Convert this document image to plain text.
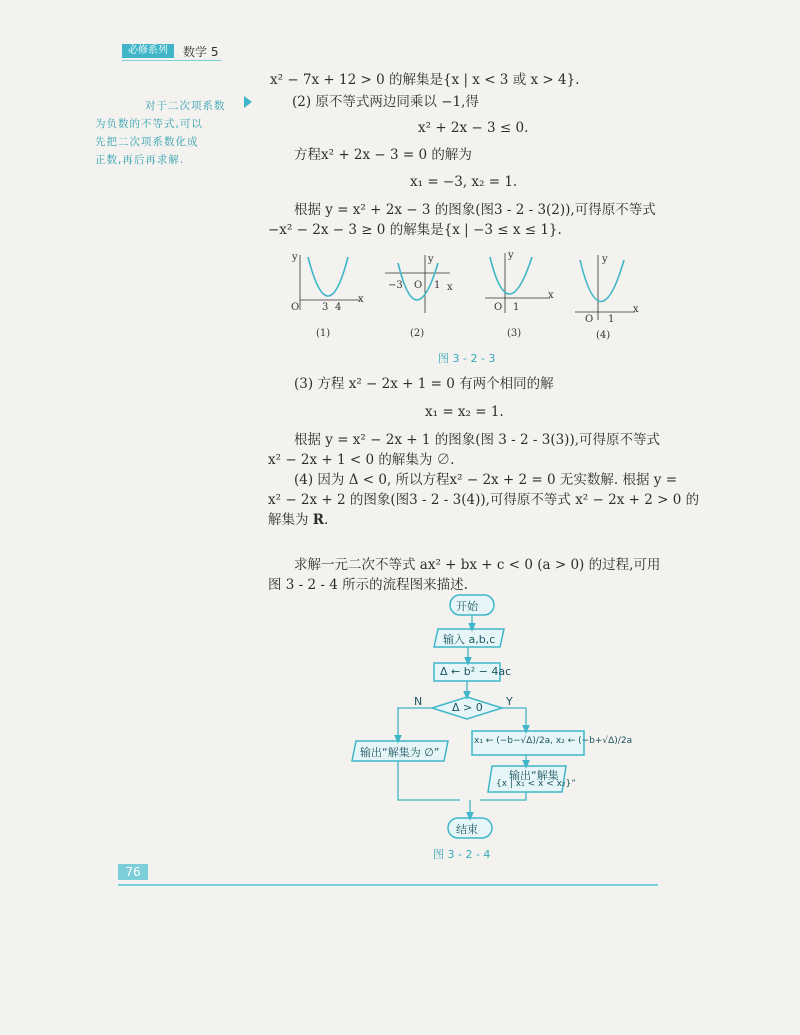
必修系列	数学 5
对于二次项系数
为负数的不等式,可以
先把二次项系数化成
正数,再后再求解.
x² − 7x + 12 > 0 的解集是{x | x < 3 或 x > 4}.
(2) 原不等式两边同乘以 −1,得
x² + 2x − 3 ≤ 0.
方程x² + 2x − 3 = 0 的解为
x₁ = −3, x₂ = 1.
根据 y = x² + 2x − 3 的图象(图3 - 2 - 3(2)),可得原不等式
−x² − 2x − 3 ≥ 0 的解集是{x | −3 ≤ x ≤ 1}.
y
x
O 3 4
(1)
y
x
O
−3	1
(2)
y
x
O 1
(3)
y
x
O 1
(4)
图 3 - 2 - 3
(3) 方程 x² − 2x + 1 = 0 有两个相同的解
x₁ = x₂ = 1.
根据 y = x² − 2x + 1 的图象(图 3 - 2 - 3(3)),可得原不等式
x² − 2x + 1 < 0 的解集为 ∅.
(4) 因为 Δ < 0, 所以方程x² − 2x + 2 = 0 无实数解. 根据 y =
x² − 2x + 2 的图象(图3 - 2 - 3(4)),可得原不等式 x² − 2x + 2 > 0 的
解集为 R.
求解一元二次不等式 ax² + bx + c < 0 (a > 0) 的过程,可用
图 3 - 2 - 4 所示的流程图来描述.
开始
输入 a,b,c
Δ ← b² − 4ac
Δ > 0
N	Y
输出“解集为 ∅”
x₁ ← (−b−√Δ)/2a, x₂ ← (−b+√Δ)/2a
输出“解集
{x | x₁ < x < x₂}”
结束
图 3 - 2 - 4
76
